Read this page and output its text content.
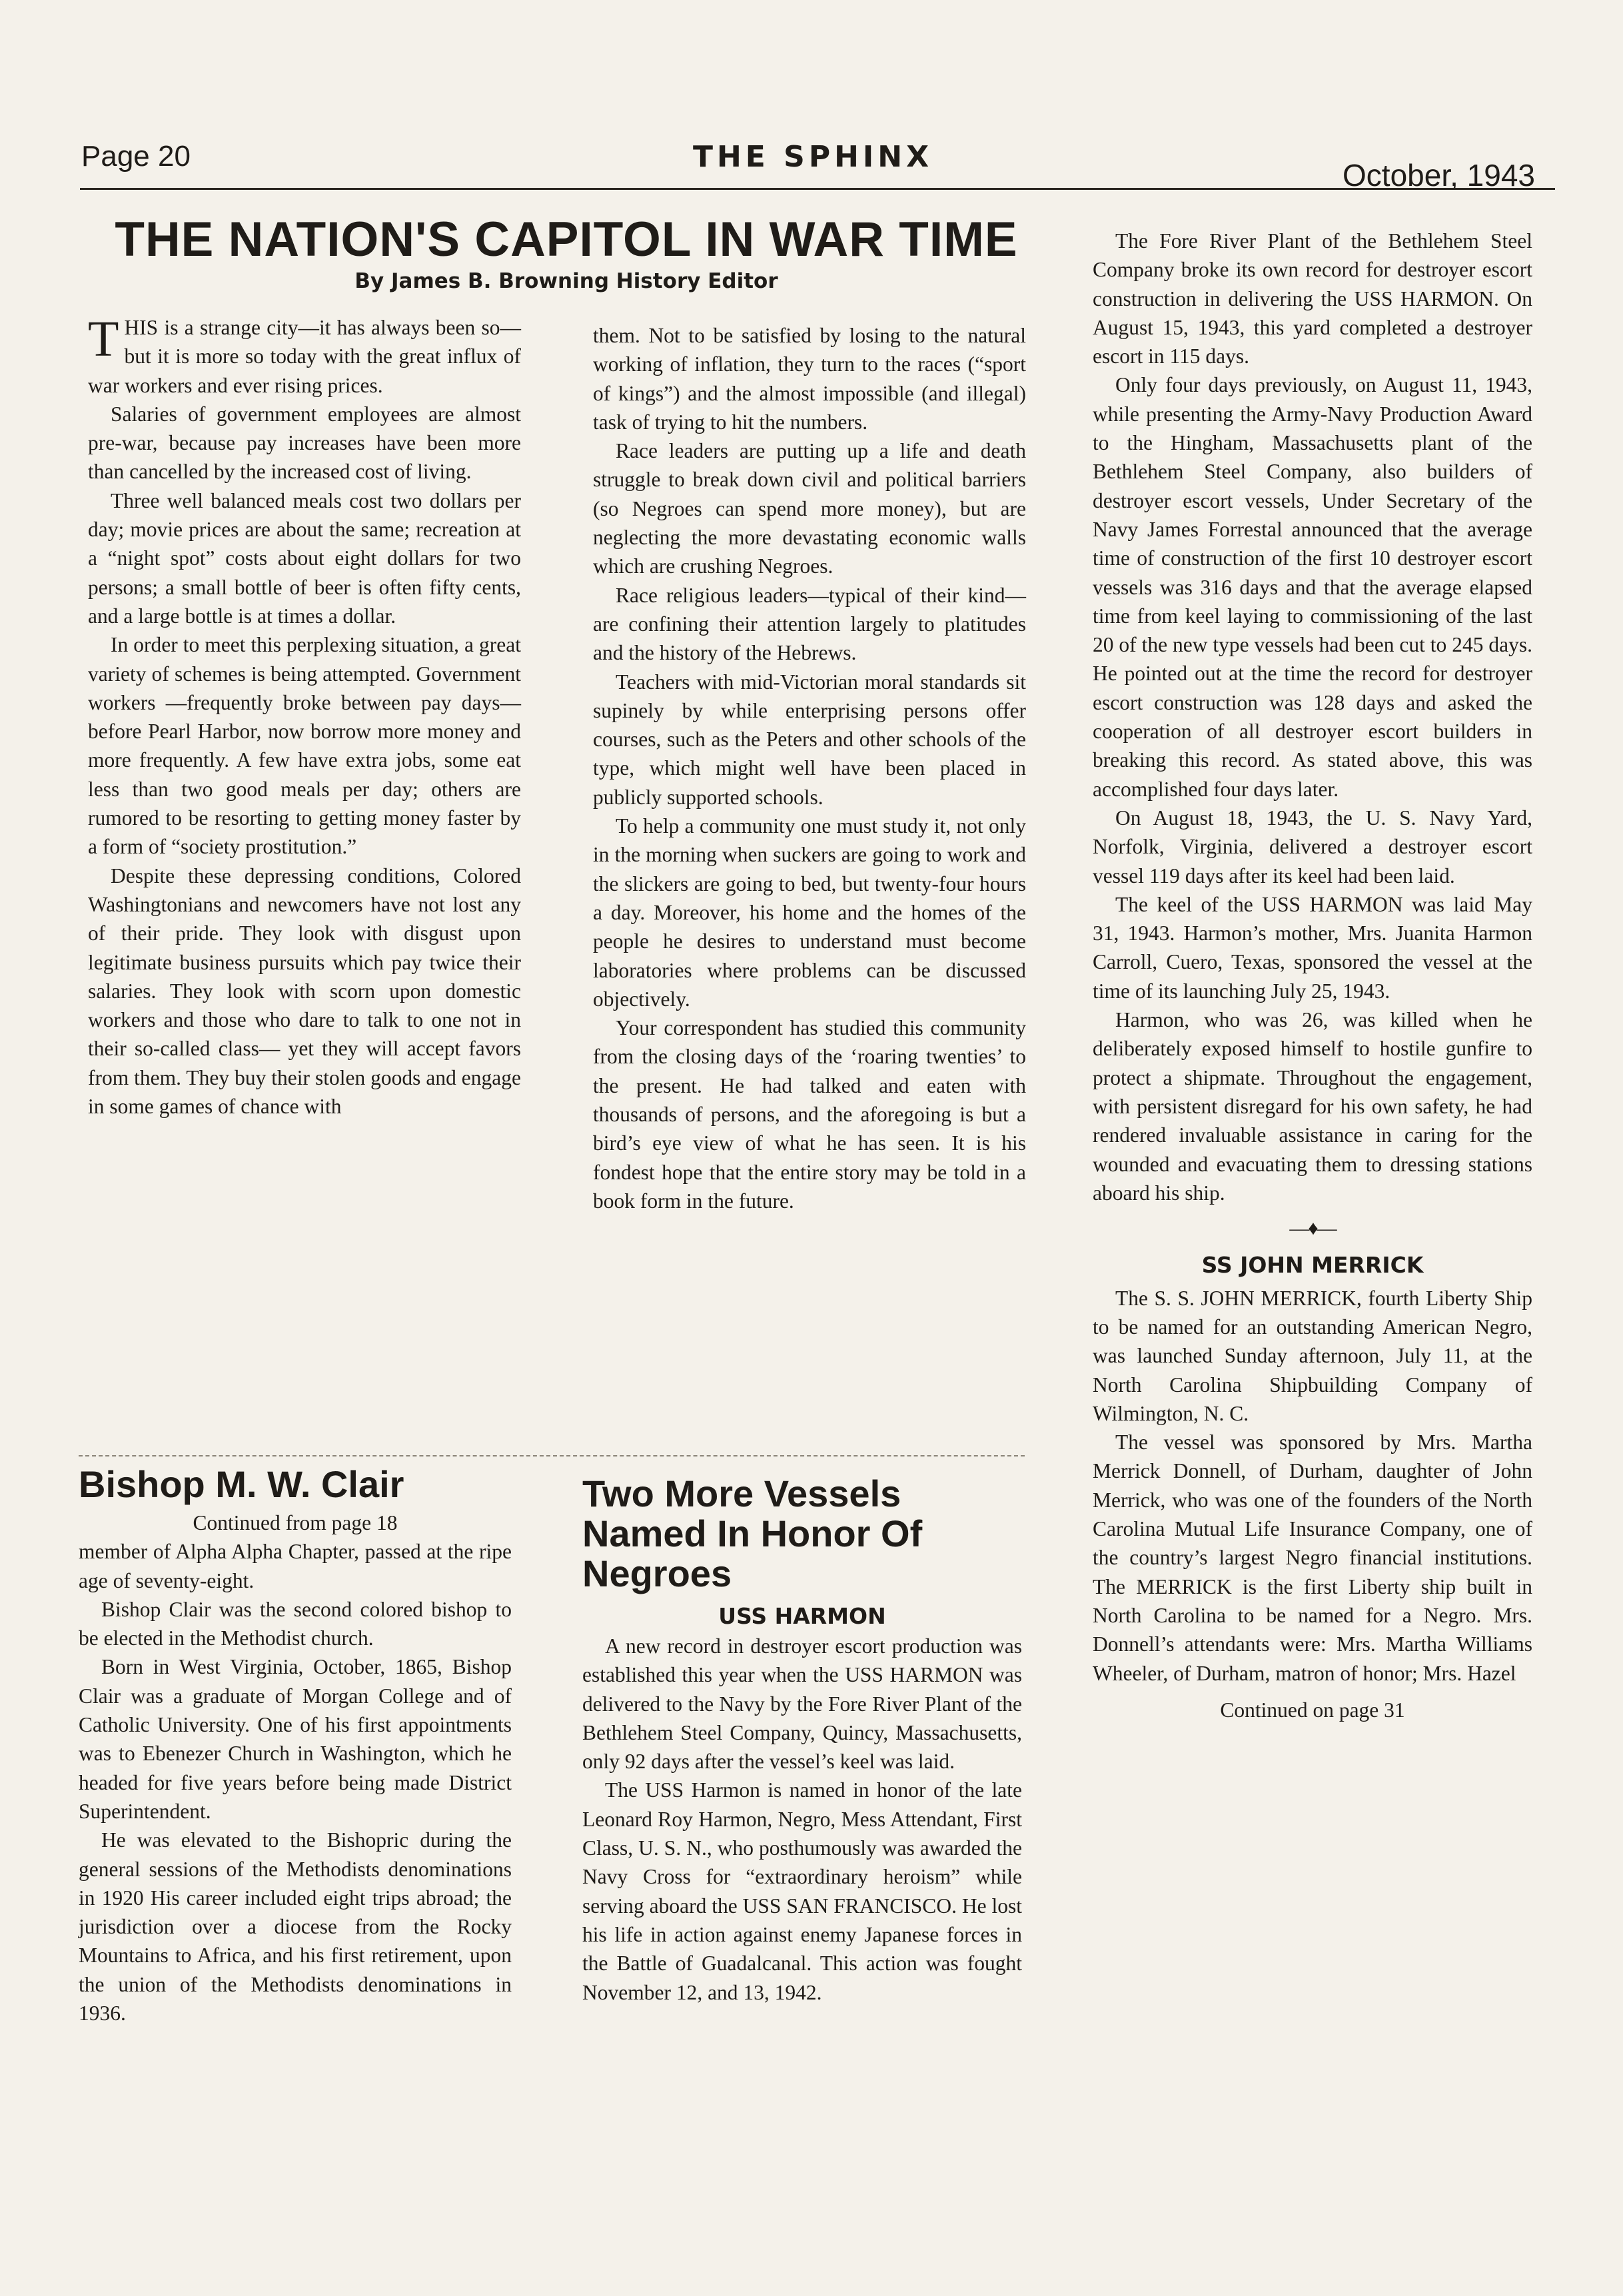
Page 20	THE SPHINX
October, 1943
THE NATION'S CAPITOL IN WAR TIME
By James B. Browning History Editor

THIS is a strange city—it has always been so—but it is more so today with the great influx of war workers and ever rising prices.

Salaries of government employees are almost pre-war, because pay increases have been more than cancelled by the increased cost of living.

Three well balanced meals cost two dollars per day; movie prices are about the same; recreation at a “night spot” costs about eight dollars for two persons; a small bottle of beer is often fifty cents, and a large bottle is at times a dollar.

In order to meet this perplexing situation, a great variety of schemes is being attempted. Government workers —frequently broke between pay days— before Pearl Harbor, now borrow more money and more frequently. A few have extra jobs, some eat less than two good meals per day; others are rumored to be resorting to getting money faster by a form of “society prostitution.”

Despite these depressing conditions, Colored Washingtonians and newcomers have not lost any of their pride. They look with disgust upon legitimate business pursuits which pay twice their salaries. They look with scorn upon domestic workers and those who dare to talk to one not in their so-called class— yet they will accept favors from them. They buy their stolen goods and engage in some games of chance with

them. Not to be satisfied by losing to the natural working of inflation, they turn to the races (“sport of kings”) and the almost impossible (and illegal) task of trying to hit the numbers.

Race leaders are putting up a life and death struggle to break down civil and political barriers (so Negroes can spend more money), but are neglecting the more devastating economic walls which are crushing Negroes.

Race religious leaders—typical of their kind—are confining their attention largely to platitudes and the history of the Hebrews.

Teachers with mid-Victorian moral standards sit supinely by while enterprising persons offer courses, such as the Peters and other schools of the type, which might well have been placed in publicly supported schools.

To help a community one must study it, not only in the morning when suckers are going to work and the slickers are going to bed, but twenty-four hours a day. Moreover, his home and the homes of the people he desires to understand must become laboratories where problems can be discussed objectively.

Your correspondent has studied this community from the closing days of the ‘roaring twenties’ to the present. He had talked and eaten with thousands of persons, and the aforegoing is but a bird’s eye view of what he has seen. It is his fondest hope that the entire story may be told in a book form in the future.

Bishop M. W. Clair

Continued from page 18

member of Alpha Alpha Chapter, passed at the ripe age of seventy-eight.

Bishop Clair was the second colored bishop to be elected in the Methodist church.

Born in West Virginia, October, 1865, Bishop Clair was a graduate of Morgan College and of Catholic University. One of his first appointments was to Ebenezer Church in Washington, which he headed for five years before being made District Superintendent.

He was elevated to the Bishopric during the general sessions of the Methodists denominations in 1920 His career included eight trips abroad; the jurisdiction over a diocese from the Rocky Mountains to Africa, and his first retirement, upon the union of the Methodists denominations in 1936.

Two More Vessels Named In Honor Of Negroes
USS HARMON

A new record in destroyer escort production was established this year when the USS HARMON was delivered to the Navy by the Fore River Plant of the Bethlehem Steel Company, Quincy, Massachusetts, only 92 days after the vessel’s keel was laid.

The USS Harmon is named in honor of the late Leonard Roy Harmon, Negro, Mess Attendant, First Class, U. S. N., who posthumously was awarded the Navy Cross for “extraordinary heroism” while serving aboard the USS SAN FRANCISCO. He lost his life in action against enemy Japanese forces in the Battle of Guadalcanal. This action was fought November 12, and 13, 1942.

The Fore River Plant of the Bethlehem Steel Company broke its own record for destroyer escort construction in delivering the USS HARMON. On August 15, 1943, this yard completed a destroyer escort in 115 days.

Only four days previously, on August 11, 1943, while presenting the Army-Navy Production Award to the Hingham, Massachusetts plant of the Bethlehem Steel Company, also builders of destroyer escort vessels, Under Secretary of the Navy James Forrestal announced that the average time of construction of the first 10 destroyer escort vessels was 316 days and that the average elapsed time from keel laying to commissioning of the last 20 of the new type vessels had been cut to 245 days. He pointed out at the time the record for destroyer escort construction was 128 days and asked the cooperation of all destroyer escort builders in breaking this record. As stated above, this was accomplished four days later.

On August 18, 1943, the U. S. Navy Yard, Norfolk, Virginia, delivered a destroyer escort vessel 119 days after its keel had been laid.

The keel of the USS HARMON was laid May 31, 1943. Harmon’s mother, Mrs. Juanita Harmon Carroll, Cuero, Texas, sponsored the vessel at the time of its launching July 25, 1943.

Harmon, who was 26, was killed when he deliberately exposed himself to hostile gunfire to protect a shipmate. Throughout the engagement, with persistent disregard for his own safety, he had rendered invaluable assistance in caring for the wounded and evacuating them to dressing stations aboard his ship.

—♦—
SS JOHN MERRICK

The S. S. JOHN MERRICK, fourth Liberty Ship to be named for an outstanding American Negro, was launched Sunday afternoon, July 11, at the North Carolina Shipbuilding Company of Wilmington, N. C.

The vessel was sponsored by Mrs. Martha Merrick Donnell, of Durham, daughter of John Merrick, who was one of the founders of the North Carolina Mutual Life Insurance Company, one of the country’s largest Negro financial institutions. The MERRICK is the first Liberty ship built in North Carolina to be named for a Negro. Mrs. Donnell’s attendants were: Mrs. Martha Williams Wheeler, of Durham, matron of honor; Mrs. Hazel

Continued on page 31
